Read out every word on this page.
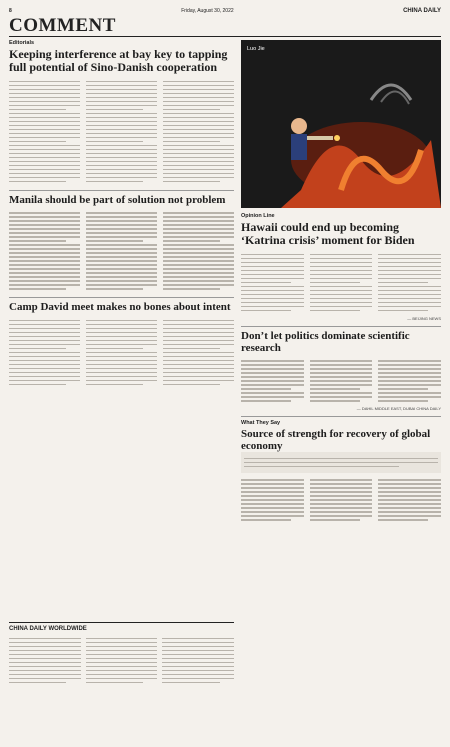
8	Friday, August 30, 2022	CHINA DAILY
COMMENT
Editorials
Keeping interference at bay key to tapping full potential of Sino-Danish cooperation
Manila should be part of solution not problem
Camp David meet makes no bones about intent
CHINA DAILY WORLDWIDE
Luo Jie
Opinion Line
Hawaii could end up becoming ‘Katrina crisis’ moment for Biden
— BEIJING NEWS
Don’t let politics dominate scientific research
— DAHIL MIDDLE EAST, DUBAI CHINA DAILY
What They Say
Source of strength for recovery of global economy
